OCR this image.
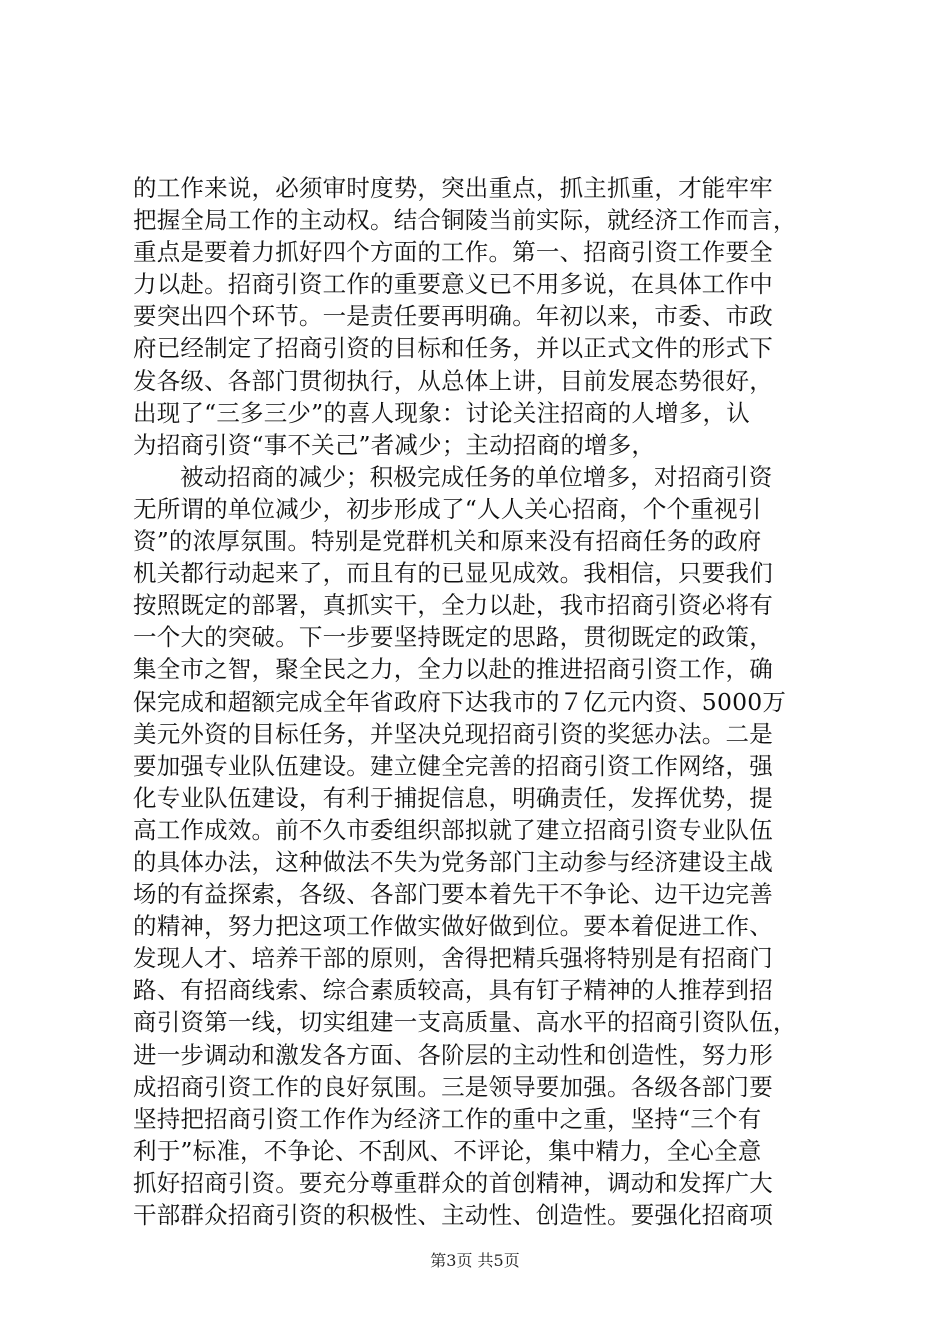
的工作来说，必须审时度势，突出重点，抓主抓重，才能牢牢
把握全局工作的主动权。结合铜陵当前实际，就经济工作而言，
重点是要着力抓好四个方面的工作。第一、招商引资工作要全
力以赴。招商引资工作的重要意义已不用多说，在具体工作中
要突出四个环节。一是责任要再明确。年初以来，市委、市政
府已经制定了招商引资的目标和任务，并以正式文件的形式下
发各级、各部门贯彻执行，从总体上讲，目前发展态势很好，
出现了“三多三少”的喜人现象：讨论关注招商的人增多，认
为招商引资“事不关己”者减少；主动招商的增多，

被动招商的减少；积极完成任务的单位增多，对招商引资
无所谓的单位减少，初步形成了“人人关心招商，个个重视引
资”的浓厚氛围。特别是党群机关和原来没有招商任务的政府
机关都行动起来了，而且有的已显见成效。我相信，只要我们
按照既定的部署，真抓实干，全力以赴，我市招商引资必将有
一个大的突破。下一步要坚持既定的思路，贯彻既定的政策，
集全市之智，聚全民之力，全力以赴的推进招商引资工作，确
保完成和超额完成全年省政府下达我市的７亿元内资、5000万
美元外资的目标任务，并坚决兑现招商引资的奖惩办法。二是
要加强专业队伍建设。建立健全完善的招商引资工作网络，强
化专业队伍建设，有利于捕捉信息，明确责任，发挥优势，提
高工作成效。前不久市委组织部拟就了建立招商引资专业队伍
的具体办法，这种做法不失为党务部门主动参与经济建设主战
场的有益探索，各级、各部门要本着先干不争论、边干边完善
的精神，努力把这项工作做实做好做到位。要本着促进工作、
发现人才、培养干部的原则，舍得把精兵强将特别是有招商门
路、有招商线索、综合素质较高，具有钉子精神的人推荐到招
商引资第一线，切实组建一支高质量、高水平的招商引资队伍，
进一步调动和激发各方面、各阶层的主动性和创造性，努力形
成招商引资工作的良好氛围。三是领导要加强。各级各部门要
坚持把招商引资工作作为经济工作的重中之重，坚持“三个有
利于”标准，不争论、不刮风、不评论，集中精力，全心全意
抓好招商引资。要充分尊重群众的首创精神，调动和发挥广大
干部群众招商引资的积极性、主动性、创造性。要强化招商项

第3页 共5页
